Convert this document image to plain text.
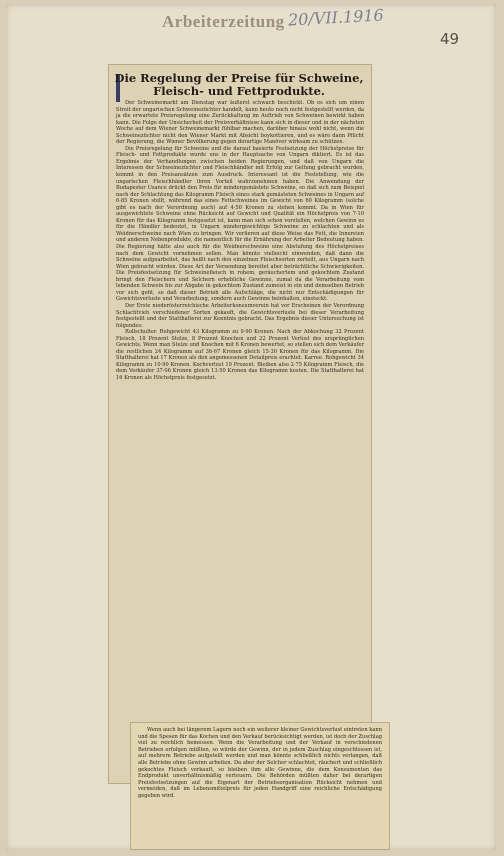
Arbeiterzeitung 20/VII.1916
49
Die Regelung der Preise für Schweine,
Fleisch- und Fettprodukte.

Der Schweinemarkt am Dienstag war äußerst schwach beschickt. Ob es sich um einen Streit der ungarischen Schweinezüchter handelt, kann heute noch nicht festgestellt werden, da ja die erwartete Preisregelung eine Zurückhaltung im Auftrieb von Schweinen bewirkt haben kann. Die Folge der Unsicherheit der Preisverhältnisse kann sich in dieser und in der nächsten Woche auf dem Wiener Schweinemarkt fühlbar machen, darüber hinaus wohl nicht, wenn die Schweinezüchter nicht den Wiener Markt mit Absicht boykottieren, und es wäre dann Pflicht der Regierung, die Wiener Bevölkerung gegen derartige Manöver wirksam zu schützen.

Die Preisregelung für Schweine und die darauf basierte Festsetzung der Höchstpreise für Fleisch- und Fettprodukte wurde uns in der Hauptsache von Ungarn diktiert. Es ist das Ergebnis der Verhandlungen zwischen beiden Regierungen, und daß von Ungarn die Interessen der Schweinezüchter und Fleischhändler mit Erfolg zur Geltung gebracht wurden, kommt in den Preisansätzen zum Ausdruck. Interessant ist die Feststellung, wie die ungarischen Fleischhändler ihren Vorteil wahrzunehmen haben. Die Anwendung der Budapester Usance drückt den Preis für mindergemästete Schweine, so daß sich zum Beispiel nach der Schlachtung das Kilogramm Fleisch eines stark gemästeten Schweines in Ungarn auf 6·85 Kronen stellt, während das eines Fettschweines im Gewicht von 60 Kilogramm (solche gibt es nach der Verordnung auch) auf 4·50 Kronen zu stehen kommt. Da in Wien für ausgewichtete Schweine ohne Rücksicht auf Gewicht und Qualität ein Höchstpreis von 7·10 Kronen für das Kilogramm festgesetzt ist, kann man sich schon vorstellen, welchen Gewinn es für die Händler bedeutet, in Ungarn mindergewichtige Schweine zu schlachten und als Weidnerschweine nach Wien zu bringen. Wir verlieren auf diese Weise das Fett, die Innereien und anderen Nebenprodukte, die namentlich für die Ernährung der Arbeiter Bedeutung haben. Die Regierung hätte also auch für die Weidnerschweine eine Abstufung des Höchstpreises nach dem Gewicht vornehmen sollen. Man könnte vielleicht einwenden, daß dann die Schweine aufgearbeitet, das heißt nach den einzelnen Fleischsorten zerteilt, aus Ungarn nach Wien gebracht würden. Diese Art der Versendung bereitet aber beträchtliche Schwierigkeiten. Die Preisfestsetzung für Schweinefleisch in rohem, geräuchertem und gekochtem Zustand bringt den Fleischern und Selchern erhebliche Gewinne, zumal da die Verarbeitung vom lebenden Schwein bis zur Abgabe in gekochtem Zustand zumeist in ein und demselben Betrieb vor sich geht, so daß dieser Betrieb alle Aufschläge, die nicht nur Entschädigungen für Gewichtsverluste und Verarbeitung, sondern auch Gewinne beinhalten, einsteckt.

Der Erste niederösterreichische Arbeiterkonsumverein hat vor Erscheinen der Verordnung Schlachtvieh verschiedener Sorten gekauft, die Gewichtsverluste bei dieser Verarbeitung festgestellt und der Statthalterei zur Kenntnis gebracht. Das Ergebnis dieser Untersuchung ist folgendes:

Rollschulter. Rohgewicht 43 Kilogramm zu 9·90 Kronen. Nach der Abkochung 32 Prozent Fleisch, 18 Prozent Stelze, 8 Prozent Knochen und 22 Prozent Verlust des ursprünglichen Gewichts. Wenn man Stelze und Knochen mit 6 Kronen bewertet, so stellen sich dem Verkäufer die restlichen 24 Kilogramm auf 36·67 Kronen gleich 15·30 Kronen für das Kilogramm. Die Statthalterei hat 17 Kronen als den angemessenen Detailpreis erachtet. Karree. Rohgewicht 34 Kilogramm zu 10·90 Kronen. Kochverlust 19 Prozent. Bleiben also 2·75 Kilogramm Fleisch, die dem Verkäufer 37·06 Kronen gleich 13·50 Kronen das Kilogramm kosten. Die Statthalterei hat 16 Kronen als Höchstpreis festgesetzt.

Wenn auch bei längerem Lagern noch ein weiterer kleiner Gewichtsverlust eintreten kann und die Spesen für das Kochen und den Verkauf berücksichtigt werden, ist doch der Zuschlag viel zu reichlich bemessen. Wenn die Verarbeitung und der Verkauf in verschiedenen Betrieben erfolgen müßten, so würde der Gewinn, der in jedem Zuschlag eingeschlossen ist, auf mehrere Betriebe aufgeteilt werden und man könnte schließlich nichts verlangen, daß alle Betriebe ohne Gewinn arbeiten. Da aber der Selcher schlachtet, räuchert und schließlich gekochtes Fleisch verkauft, so bleiben ihm alle Gewinne, die dem Konsumenten das Endprodukt unverhältnismäßig verteuern. Die Behörden müßten daher bei derartigen Preisfestsetzungen auf die Eigenart der Betriebsorganisation Rücksicht nehmen und vermeiden, daß im Lebensmittelpreis für jeden Handgriff eine reichliche Entschädigung gegeben wird.
